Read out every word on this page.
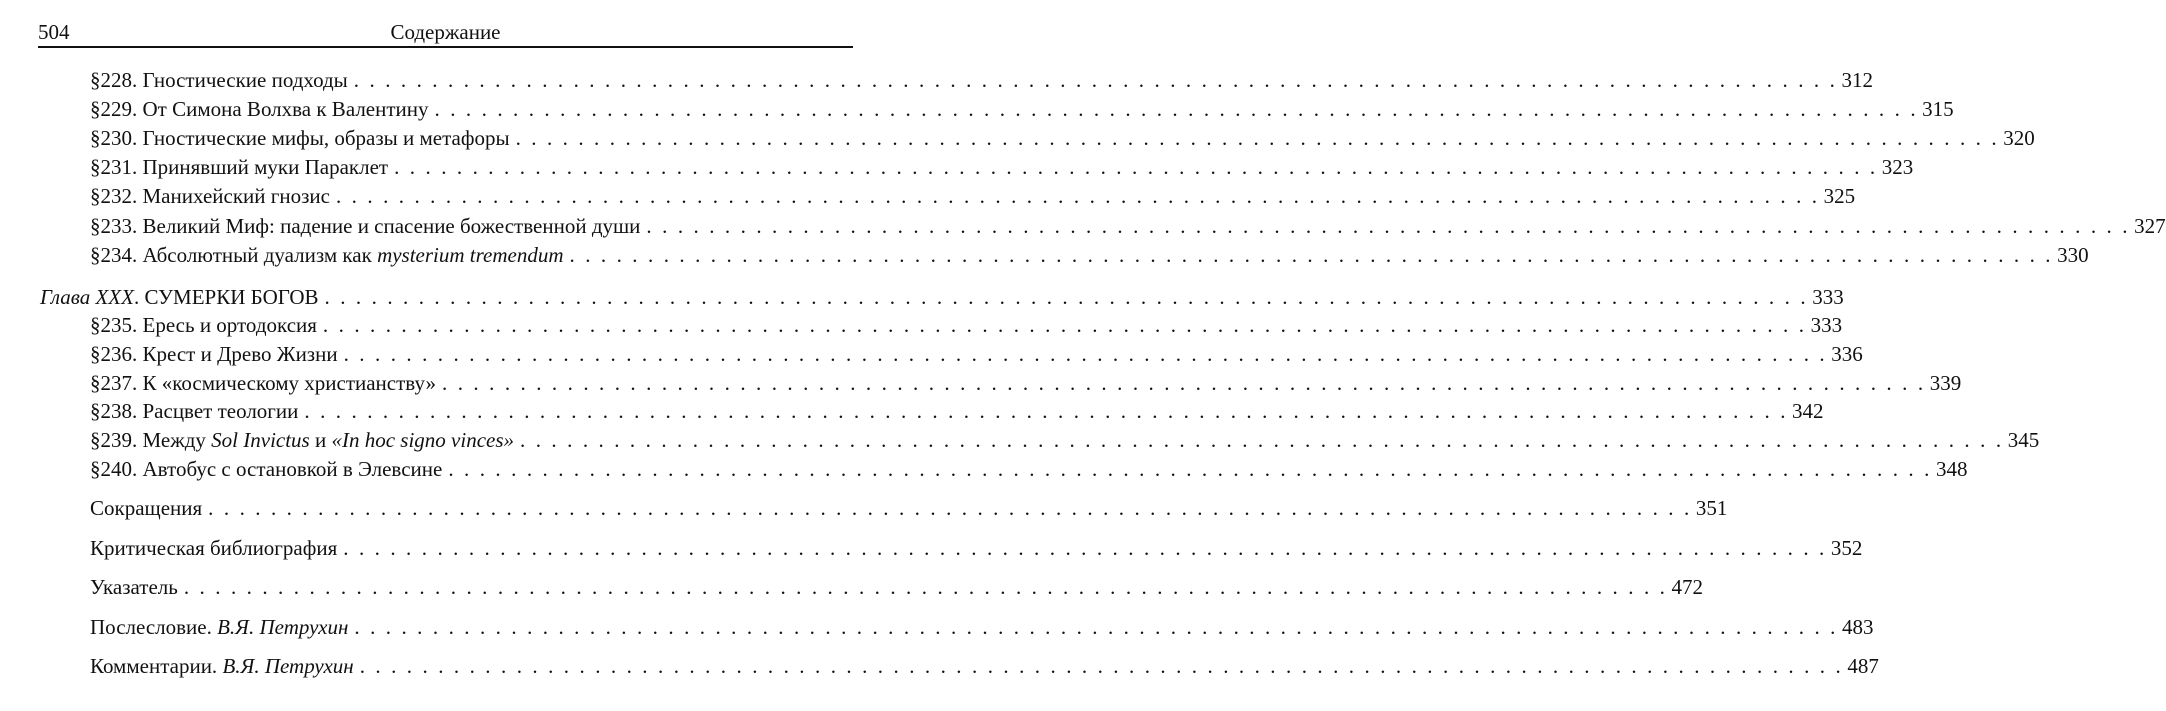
504	Содержание
§228. Гностические подходы . . . . . . . . . . . . . . . . . . . . . . . . . . . . . . . . . . . . . . . . . . . . . . . . . . . . . . . . . . . . . . . . . . . . . . . . . . . . . . . . . . . . . . . . . . . . . . . 312
§229. От Симона Волхва к Валентину . . . . . . . . . . . . . . . . . . . . . . . . . . . . . . . . . . . . . . . . . . . . . . . . . . . . . . . . . . . . . . . . . . . . . . . . . . . . . . . . . . . . . . . . . . . . . . . 315
§230. Гностические мифы, образы и метафоры . . . . . . . . . . . . . . . . . . . . . . . . . . . . . . . . . . . . . . . . . . . . . . . . . . . . . . . . . . . . . . . . . . . . . . . . . . . . . . . . . . . . . . . . . . . . . . . 320
§231. Принявший муки Параклет . . . . . . . . . . . . . . . . . . . . . . . . . . . . . . . . . . . . . . . . . . . . . . . . . . . . . . . . . . . . . . . . . . . . . . . . . . . . . . . . . . . . . . . . . . . . . . . 323
§232. Манихейский гнозис . . . . . . . . . . . . . . . . . . . . . . . . . . . . . . . . . . . . . . . . . . . . . . . . . . . . . . . . . . . . . . . . . . . . . . . . . . . . . . . . . . . . . . . . . . . . . . . 325
§233. Великий Миф: падение и спасение божественной души . . . . . . . . . . . . . . . . . . . . . . . . . . . . . . . . . . . . . . . . . . . . . . . . . . . . . . . . . . . . . . . . . . . . . . . . . . . . . . . . . . . . . . . . . . . . . . . 327
§234. Абсолютный дуализм как mysterium tremendum . . . . . . . . . . . . . . . . . . . . . . . . . . . . . . . . . . . . . . . . . . . . . . . . . . . . . . . . . . . . . . . . . . . . . . . . . . . . . . . . . . . . . . . . . . . . . . . 330
Глава XXX. СУМЕРКИ БОГОВ . . . . . . . . . . . . . . . . . . . . . . . . . . . . . . . . . . . . . . . . . . . . . . . . . . . . . . . . . . . . . . . . . . . . . . . . . . . . . . . . . . . . . . . . . . . . . . . 333
§235. Ересь и ортодоксия . . . . . . . . . . . . . . . . . . . . . . . . . . . . . . . . . . . . . . . . . . . . . . . . . . . . . . . . . . . . . . . . . . . . . . . . . . . . . . . . . . . . . . . . . . . . . . . 333
§236. Крест и Древо Жизни . . . . . . . . . . . . . . . . . . . . . . . . . . . . . . . . . . . . . . . . . . . . . . . . . . . . . . . . . . . . . . . . . . . . . . . . . . . . . . . . . . . . . . . . . . . . . . . 336
§237. К «космическому христианству» . . . . . . . . . . . . . . . . . . . . . . . . . . . . . . . . . . . . . . . . . . . . . . . . . . . . . . . . . . . . . . . . . . . . . . . . . . . . . . . . . . . . . . . . . . . . . . . 339
§238. Расцвет теологии . . . . . . . . . . . . . . . . . . . . . . . . . . . . . . . . . . . . . . . . . . . . . . . . . . . . . . . . . . . . . . . . . . . . . . . . . . . . . . . . . . . . . . . . . . . . . . . 342
§239. Между Sol Invictus и «In hoc signo vinces» . . . . . . . . . . . . . . . . . . . . . . . . . . . . . . . . . . . . . . . . . . . . . . . . . . . . . . . . . . . . . . . . . . . . . . . . . . . . . . . . . . . . . . . . . . . . . . . 345
§240. Автобус с остановкой в Элевсине . . . . . . . . . . . . . . . . . . . . . . . . . . . . . . . . . . . . . . . . . . . . . . . . . . . . . . . . . . . . . . . . . . . . . . . . . . . . . . . . . . . . . . . . . . . . . . . 348
Сокращения . . . . . . . . . . . . . . . . . . . . . . . . . . . . . . . . . . . . . . . . . . . . . . . . . . . . . . . . . . . . . . . . . . . . . . . . . . . . . . . . . . . . . . . . . . . . . . . 351
Критическая библиография . . . . . . . . . . . . . . . . . . . . . . . . . . . . . . . . . . . . . . . . . . . . . . . . . . . . . . . . . . . . . . . . . . . . . . . . . . . . . . . . . . . . . . . . . . . . . . . 352
Указатель . . . . . . . . . . . . . . . . . . . . . . . . . . . . . . . . . . . . . . . . . . . . . . . . . . . . . . . . . . . . . . . . . . . . . . . . . . . . . . . . . . . . . . . . . . . . . . . 472
Послесловие. В.Я. Петрухин . . . . . . . . . . . . . . . . . . . . . . . . . . . . . . . . . . . . . . . . . . . . . . . . . . . . . . . . . . . . . . . . . . . . . . . . . . . . . . . . . . . . . . . . . . . . . . . 483
Комментарии. В.Я. Петрухин . . . . . . . . . . . . . . . . . . . . . . . . . . . . . . . . . . . . . . . . . . . . . . . . . . . . . . . . . . . . . . . . . . . . . . . . . . . . . . . . . . . . . . . . . . . . . . . 487
